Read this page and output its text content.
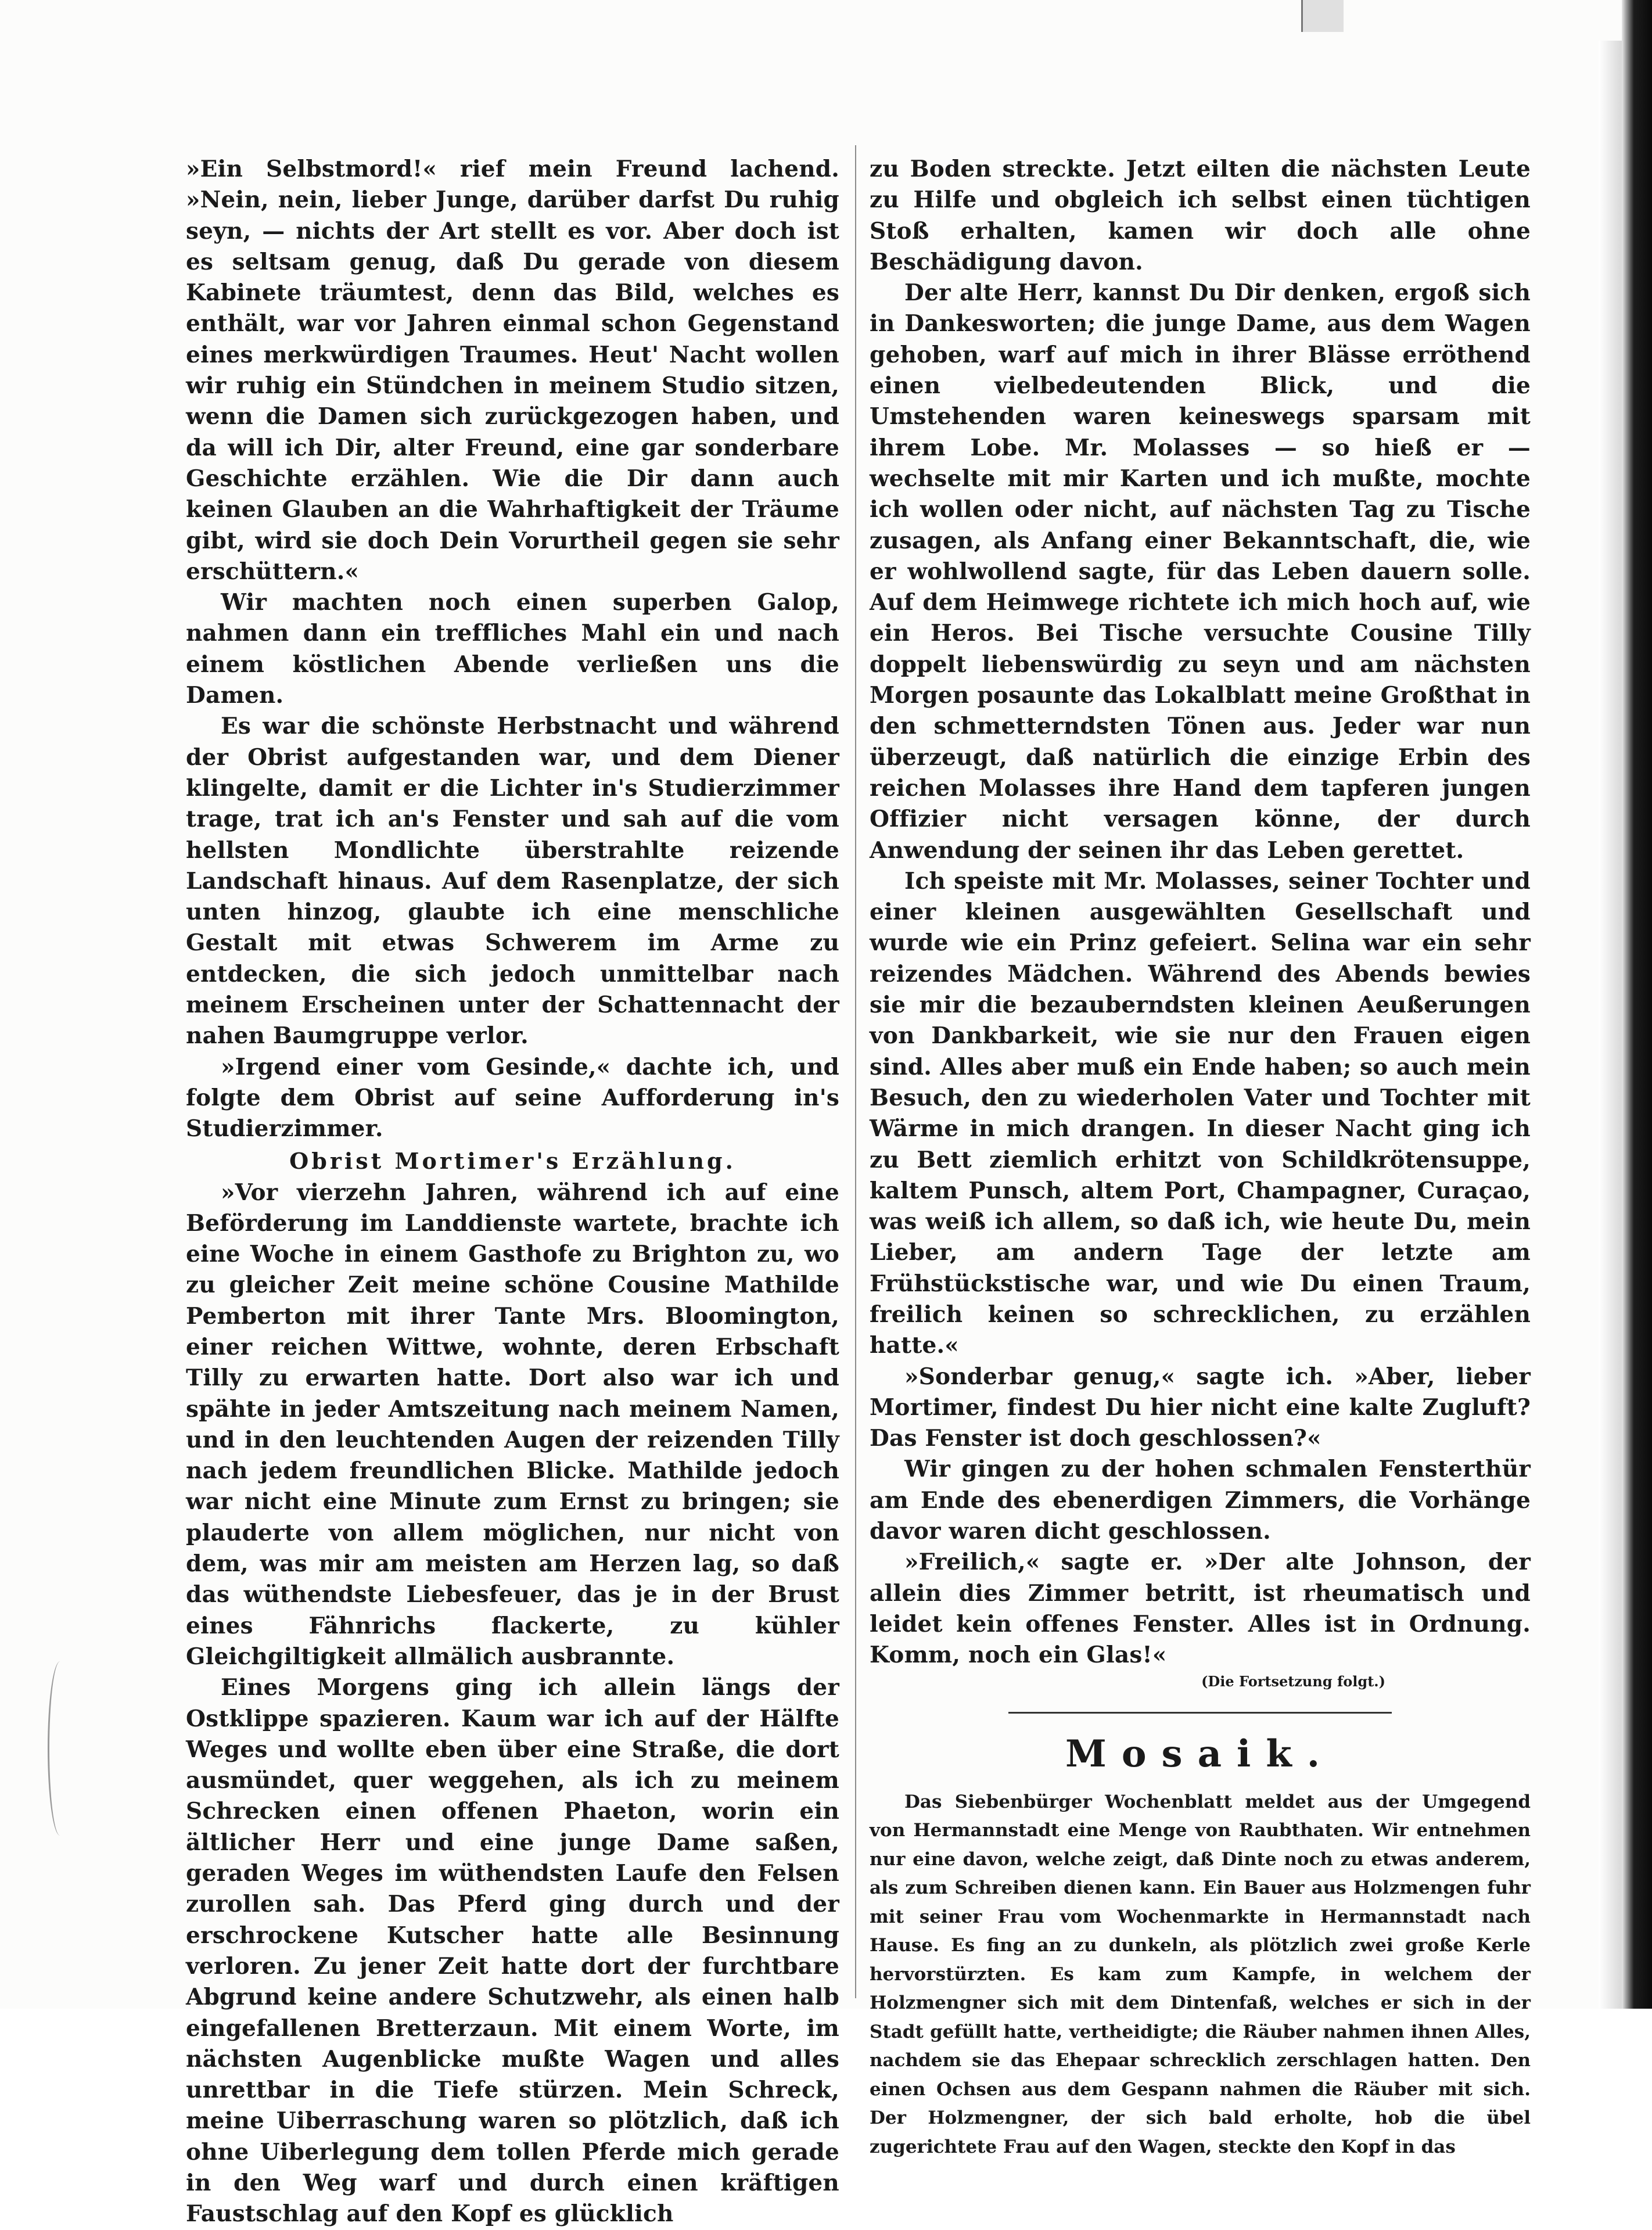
»Ein Selbstmord!« rief mein Freund lachend. »Nein, nein, lieber Junge, darüber darfst Du ruhig seyn, — nichts der Art stellt es vor. Aber doch ist es seltsam genug, daß Du gerade von diesem Kabinete träumtest, denn das Bild, welches es enthält, war vor Jahren einmal schon Gegenstand eines merkwürdigen Traumes. Heut' Nacht wollen wir ruhig ein Stündchen in meinem Studio sitzen, wenn die Damen sich zurückgezogen haben, und da will ich Dir, alter Freund, eine gar sonderbare Geschichte erzählen. Wie die Dir dann auch keinen Glauben an die Wahrhaftigkeit der Träume gibt, wird sie doch Dein Vorurtheil gegen sie sehr erschüttern.«

Wir machten noch einen superben Galop, nahmen dann ein treffliches Mahl ein und nach einem köstlichen Abende verließen uns die Damen.

Es war die schönste Herbstnacht und während der Obrist aufgestanden war, und dem Diener klingelte, damit er die Lichter in's Studierzimmer trage, trat ich an's Fenster und sah auf die vom hellsten Mondlichte überstrahlte reizende Landschaft hinaus. Auf dem Rasenplatze, der sich unten hinzog, glaubte ich eine menschliche Gestalt mit etwas Schwerem im Arme zu entdecken, die sich jedoch unmittelbar nach meinem Erscheinen unter der Schattennacht der nahen Baumgruppe verlor.

»Irgend einer vom Gesinde,« dachte ich, und folgte dem Obrist auf seine Aufforderung in's Studierzimmer.

Obrist Mortimer's Erzählung.

»Vor vierzehn Jahren, während ich auf eine Beförderung im Landdienste wartete, brachte ich eine Woche in einem Gasthofe zu Brighton zu, wo zu gleicher Zeit meine schöne Cousine Mathilde Pemberton mit ihrer Tante Mrs. Bloomington, einer reichen Wittwe, wohnte, deren Erbschaft Tilly zu erwarten hatte. Dort also war ich und spähte in jeder Amtszeitung nach meinem Namen, und in den leuchtenden Augen der reizenden Tilly nach jedem freundlichen Blicke. Mathilde jedoch war nicht eine Minute zum Ernst zu bringen; sie plauderte von allem möglichen, nur nicht von dem, was mir am meisten am Herzen lag, so daß das wüthendste Liebesfeuer, das je in der Brust eines Fähnrichs flackerte, zu kühler Gleichgiltigkeit allmälich ausbrannte.

Eines Morgens ging ich allein längs der Ostklippe spazieren. Kaum war ich auf der Hälfte Weges und wollte eben über eine Straße, die dort ausmündet, quer weggehen, als ich zu meinem Schrecken einen offenen Phaeton, worin ein ältlicher Herr und eine junge Dame saßen, geraden Weges im wüthendsten Laufe den Felsen zurollen sah. Das Pferd ging durch und der erschrockene Kutscher hatte alle Besinnung verloren. Zu jener Zeit hatte dort der furchtbare Abgrund keine andere Schutzwehr, als einen halb eingefallenen Bretterzaun. Mit einem Worte, im nächsten Augenblicke mußte Wagen und alles unrettbar in die Tiefe stürzen. Mein Schreck, meine Uiberraschung waren so plötzlich, daß ich ohne Uiberlegung dem tollen Pferde mich gerade in den Weg warf und durch einen kräftigen Faustschlag auf den Kopf es glücklich

zu Boden streckte. Jetzt eilten die nächsten Leute zu Hilfe und obgleich ich selbst einen tüchtigen Stoß erhalten, kamen wir doch alle ohne Beschädigung davon.

Der alte Herr, kannst Du Dir denken, ergoß sich in Dankesworten; die junge Dame, aus dem Wagen gehoben, warf auf mich in ihrer Blässe erröthend einen vielbedeutenden Blick, und die Umstehenden waren keineswegs sparsam mit ihrem Lobe. Mr. Molasses — so hieß er — wechselte mit mir Karten und ich mußte, mochte ich wollen oder nicht, auf nächsten Tag zu Tische zusagen, als Anfang einer Bekanntschaft, die, wie er wohlwollend sagte, für das Leben dauern solle. Auf dem Heimwege richtete ich mich hoch auf, wie ein Heros. Bei Tische versuchte Cousine Tilly doppelt liebenswürdig zu seyn und am nächsten Morgen posaunte das Lokalblatt meine Großthat in den schmetterndsten Tönen aus. Jeder war nun überzeugt, daß natürlich die einzige Erbin des reichen Molasses ihre Hand dem tapferen jungen Offizier nicht versagen könne, der durch Anwendung der seinen ihr das Leben gerettet.

Ich speiste mit Mr. Molasses, seiner Tochter und einer kleinen ausgewählten Gesellschaft und wurde wie ein Prinz gefeiert. Selina war ein sehr reizendes Mädchen. Während des Abends bewies sie mir die bezauberndsten kleinen Aeußerungen von Dankbarkeit, wie sie nur den Frauen eigen sind. Alles aber muß ein Ende haben; so auch mein Besuch, den zu wiederholen Vater und Tochter mit Wärme in mich drangen. In dieser Nacht ging ich zu Bett ziemlich erhitzt von Schildkrötensuppe, kaltem Punsch, altem Port, Champagner, Curaçao, was weiß ich allem, so daß ich, wie heute Du, mein Lieber, am andern Tage der letzte am Frühstückstische war, und wie Du einen Traum, freilich keinen so schrecklichen, zu erzählen hatte.«

»Sonderbar genug,« sagte ich. »Aber, lieber Mortimer, findest Du hier nicht eine kalte Zugluft? Das Fenster ist doch geschlossen?«

Wir gingen zu der hohen schmalen Fensterthür am Ende des ebenerdigen Zimmers, die Vorhänge davor waren dicht geschlossen.

»Freilich,« sagte er. »Der alte Johnson, der allein dies Zimmer betritt, ist rheumatisch und leidet kein offenes Fenster. Alles ist in Ordnung. Komm, noch ein Glas!«

(Die Fortsetzung folgt.)

Mosaik.

Das Siebenbürger Wochenblatt meldet aus der Umgegend von Hermannstadt eine Menge von Raubthaten. Wir entnehmen nur eine davon, welche zeigt, daß Dinte noch zu etwas anderem, als zum Schreiben dienen kann. Ein Bauer aus Holzmengen fuhr mit seiner Frau vom Wochenmarkte in Hermannstadt nach Hause. Es fing an zu dunkeln, als plötzlich zwei große Kerle hervorstürzten. Es kam zum Kampfe, in welchem der Holzmengner sich mit dem Dintenfaß, welches er sich in der Stadt gefüllt hatte, vertheidigte; die Räuber nahmen ihnen Alles, nachdem sie das Ehepaar schrecklich zerschlagen hatten. Den einen Ochsen aus dem Gespann nahmen die Räuber mit sich. Der Holzmengner, der sich bald erholte, hob die übel zugerichtete Frau auf den Wagen, steckte den Kopf in das
